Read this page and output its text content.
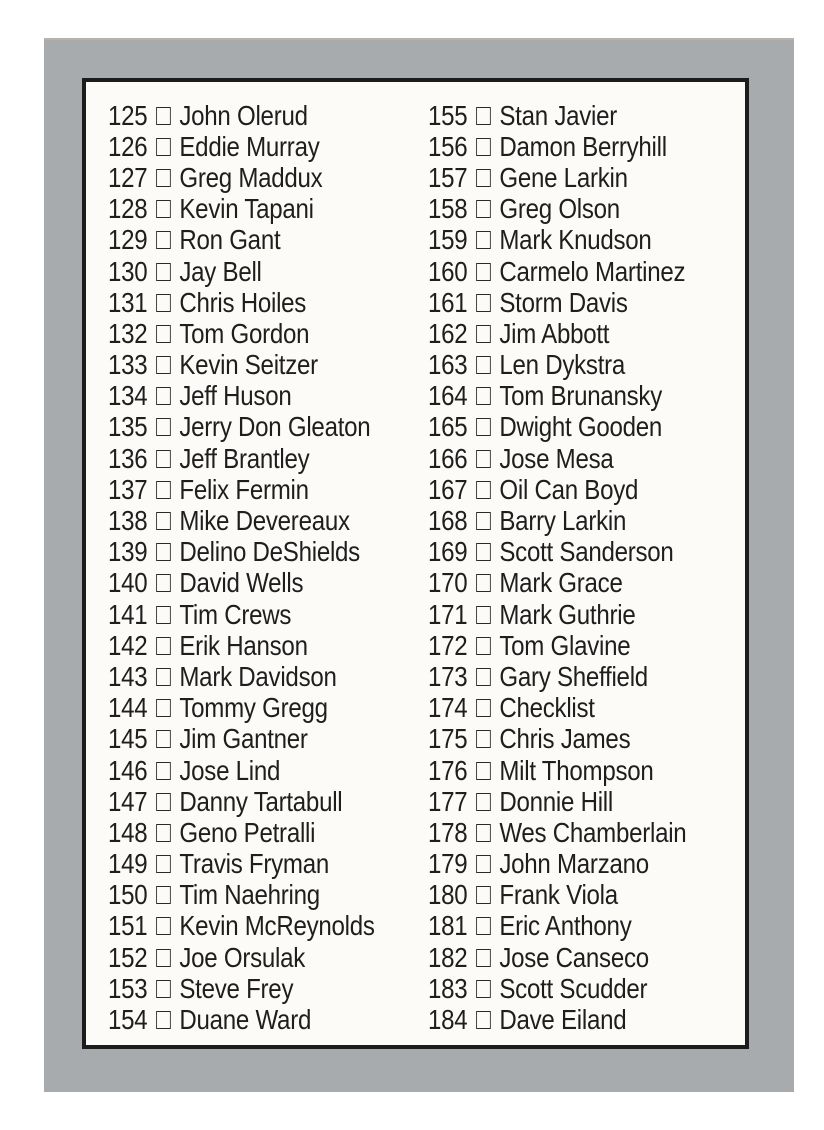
125 John Olerud
126 Eddie Murray
127 Greg Maddux
128 Kevin Tapani
129 Ron Gant
130 Jay Bell
131 Chris Hoiles
132 Tom Gordon
133 Kevin Seitzer
134 Jeff Huson
135 Jerry Don Gleaton
136 Jeff Brantley
137 Felix Fermin
138 Mike Devereaux
139 Delino DeShields
140 David Wells
141 Tim Crews
142 Erik Hanson
143 Mark Davidson
144 Tommy Gregg
145 Jim Gantner
146 Jose Lind
147 Danny Tartabull
148 Geno Petralli
149 Travis Fryman
150 Tim Naehring
151 Kevin McReynolds
152 Joe Orsulak
153 Steve Frey
154 Duane Ward
155 Stan Javier
156 Damon Berryhill
157 Gene Larkin
158 Greg Olson
159 Mark Knudson
160 Carmelo Martinez
161 Storm Davis
162 Jim Abbott
163 Len Dykstra
164 Tom Brunansky
165 Dwight Gooden
166 Jose Mesa
167 Oil Can Boyd
168 Barry Larkin
169 Scott Sanderson
170 Mark Grace
171 Mark Guthrie
172 Tom Glavine
173 Gary Sheffield
174 Checklist
175 Chris James
176 Milt Thompson
177 Donnie Hill
178 Wes Chamberlain
179 John Marzano
180 Frank Viola
181 Eric Anthony
182 Jose Canseco
183 Scott Scudder
184 Dave Eiland
